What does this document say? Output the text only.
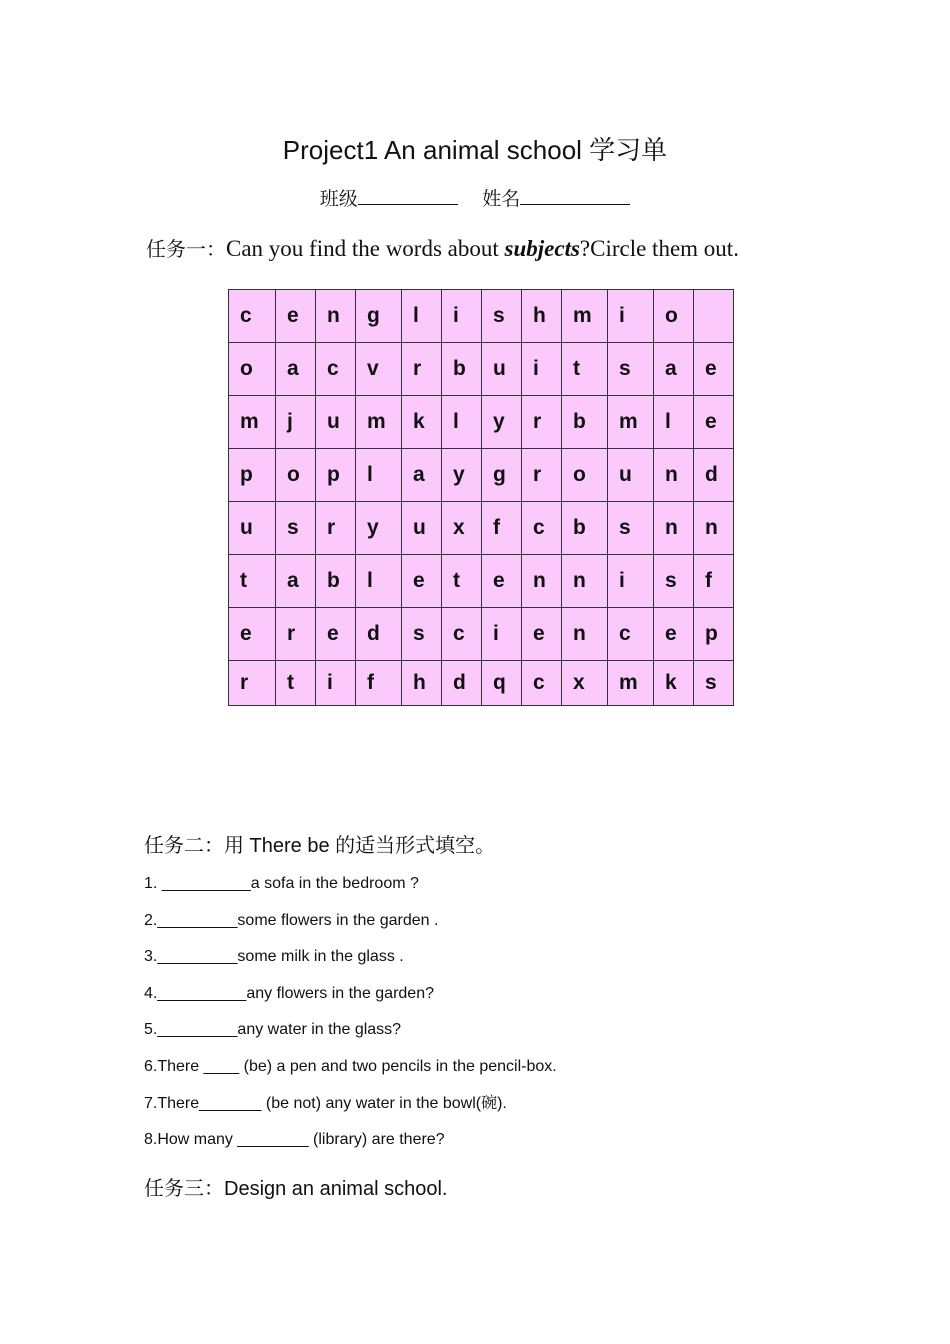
Project1 An animal school 学习单
班级	姓名
任务一：Can you find the words about subjects?Circle them out.
c	e	n	g	l	i	s	h	m	i	o	
o	a	c	v	r	b	u	i	t	s	a	e
m	j	u	m	k	l	y	r	b	m	l	e
p	o	p	l	a	y	g	r	o	u	n	d
u	s	r	y	u	x	f	c	b	s	n	n
t	a	b	l	e	t	e	n	n	i	s	f
e	r	e	d	s	c	i	e	n	c	e	p
r	t	i	f	h	d	q	c	x	m	k	s
任务二：用 There be 的适当形式填空。
1. __________a sofa in the bedroom ?
2._________some flowers in the garden .
3._________some milk in the glass .
4.__________any flowers in the garden?
5._________any water in the glass?
6.There ____ (be) a pen and two pencils in the pencil-box.
7.There_______ (be not) any water in the bowl(碗).
8.How many ________ (library) are there?
任务三：Design an animal school.
